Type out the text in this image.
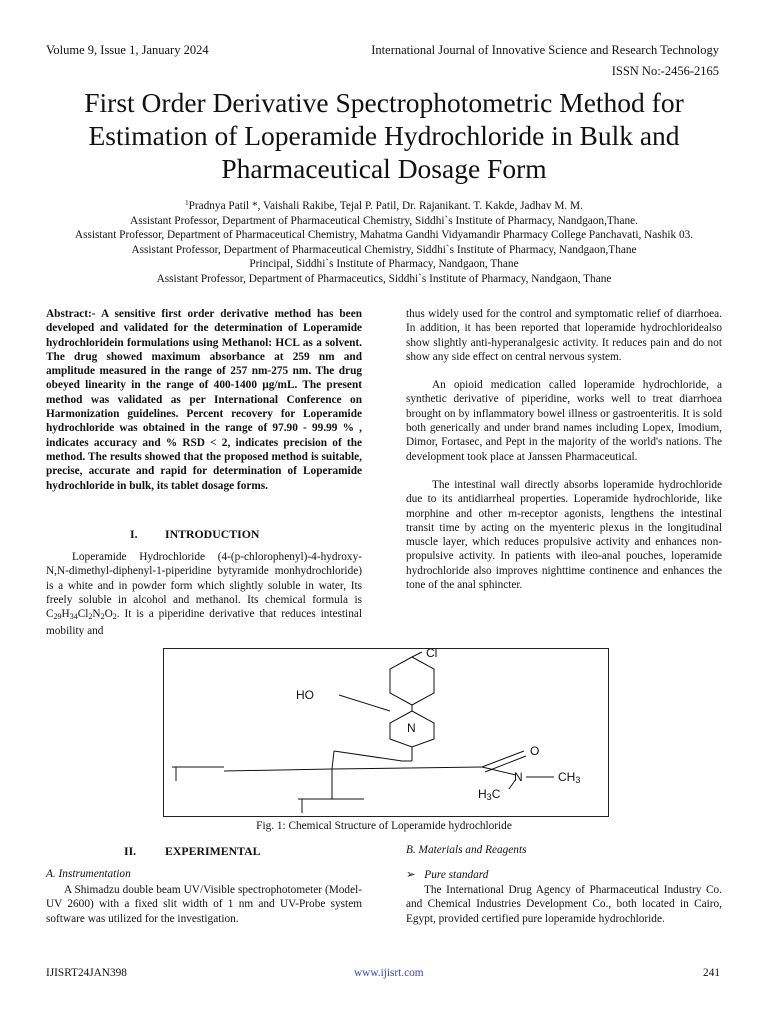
Volume 9, Issue 1, January 2024	International Journal of Innovative Science and Research Technology
ISSN No:-2456-2165
First Order Derivative Spectrophotometric Method for Estimation of Loperamide Hydrochloride in Bulk and Pharmaceutical Dosage Form
$^1$Pradnya Patil *, Vaishali Rakibe, Tejal P. Patil, Dr. Rajanikant. T. Kakde, Jadhav M. M.
Assistant Professor, Department of Pharmaceutical Chemistry, Siddhi`s Institute of Pharmacy, Nandgaon,Thane.
Assistant Professor, Department of Pharmaceutical Chemistry, Mahatma Gandhi Vidyamandir Pharmacy College Panchavati, Nashik 03.
Assistant Professor, Department of Pharmaceutical Chemistry, Siddhi`s Institute of Pharmacy, Nandgaon,Thane
Principal, Siddhi`s Institute of Pharmacy, Nandgaon, Thane
Assistant Professor, Department of Pharmaceutics, Siddhi`s Institute of Pharmacy, Nandgaon, Thane
Abstract:- A sensitive first order derivative method has been developed and validated for the determination of Loperamide hydrochloridein formulations using Methanol: HCL as a solvent. The drug showed maximum absorbance at 259 nm and amplitude measured in the range of 257 nm-275 nm. The drug obeyed linearity in the range of 400-1400 µg/mL. The present method was validated as per International Conference on Harmonization guidelines. Percent recovery for Loperamide hydrochloride was obtained in the range of 97.90 - 99.99 % , indicates accuracy and % RSD < 2, indicates precision of the method. The results showed that the proposed method is suitable, precise, accurate and rapid for determination of Loperamide hydrochloride in bulk, its tablet dosage forms.
I. INTRODUCTION

Loperamide Hydrochloride (4-(p-chlorophenyl)-4-hydroxy-N,N-dimethyl-diphenyl-1-piperidine bytyramide monhydrochloride) is a white and in powder form which slightly soluble in water, Its freely soluble in alcohol and methanol. Its chemical formula is $C_{29}H_{34}Cl_2N_2O_2$. It is a piperidine derivative that reduces intestinal mobility and

thus widely used for the control and symptomatic relief of diarrhoea. In addition, it has been reported that loperamide hydrochloridealso show slightly anti-hyperanalgesic activity. It reduces pain and do not show any side effect on central nervous system.

An opioid medication called loperamide hydrochloride, a synthetic derivative of piperidine, works well to treat diarrhoea brought on by inflammatory bowel illness or gastroenteritis. It is sold both generically and under brand names including Lopex, Imodium, Dimor, Fortasec, and Pept in the majority of the world's nations. The development took place at Janssen Pharmaceutical.

The intestinal wall directly absorbs loperamide hydrochloride due to its antidiarrheal properties. Loperamide hydrochloride, like morphine and other m-receptor agonists, lengthens the intestinal transit time by acting on the myenteric plexus in the longitudinal muscle layer, which reduces propulsive activity and enhances non-propulsive activity. In patients with ileo-anal pouches, loperamide hydrochloride also improves nighttime continence and enhances the tone of the anal sphincter.

Cl
HO
N
O
N	CH3
H3C
Fig. 1: Chemical Structure of Loperamide hydrochloride
II. EXPERIMENTAL
A. Instrumentation

A Shimadzu double beam UV/Visible spectrophotometer (Model-UV 2600) with a fixed slit width of 1 nm and UV-Probe system software was utilized for the investigation.

B. Materials and Reagents
➢ Pure standard

The International Drug Agency of Pharmaceutical Industry Co. and Chemical Industries Development Co., both located in Cairo, Egypt, provided certified pure loperamide hydrochloride.

IJISRT24JAN398	www.ijisrt.com	241
